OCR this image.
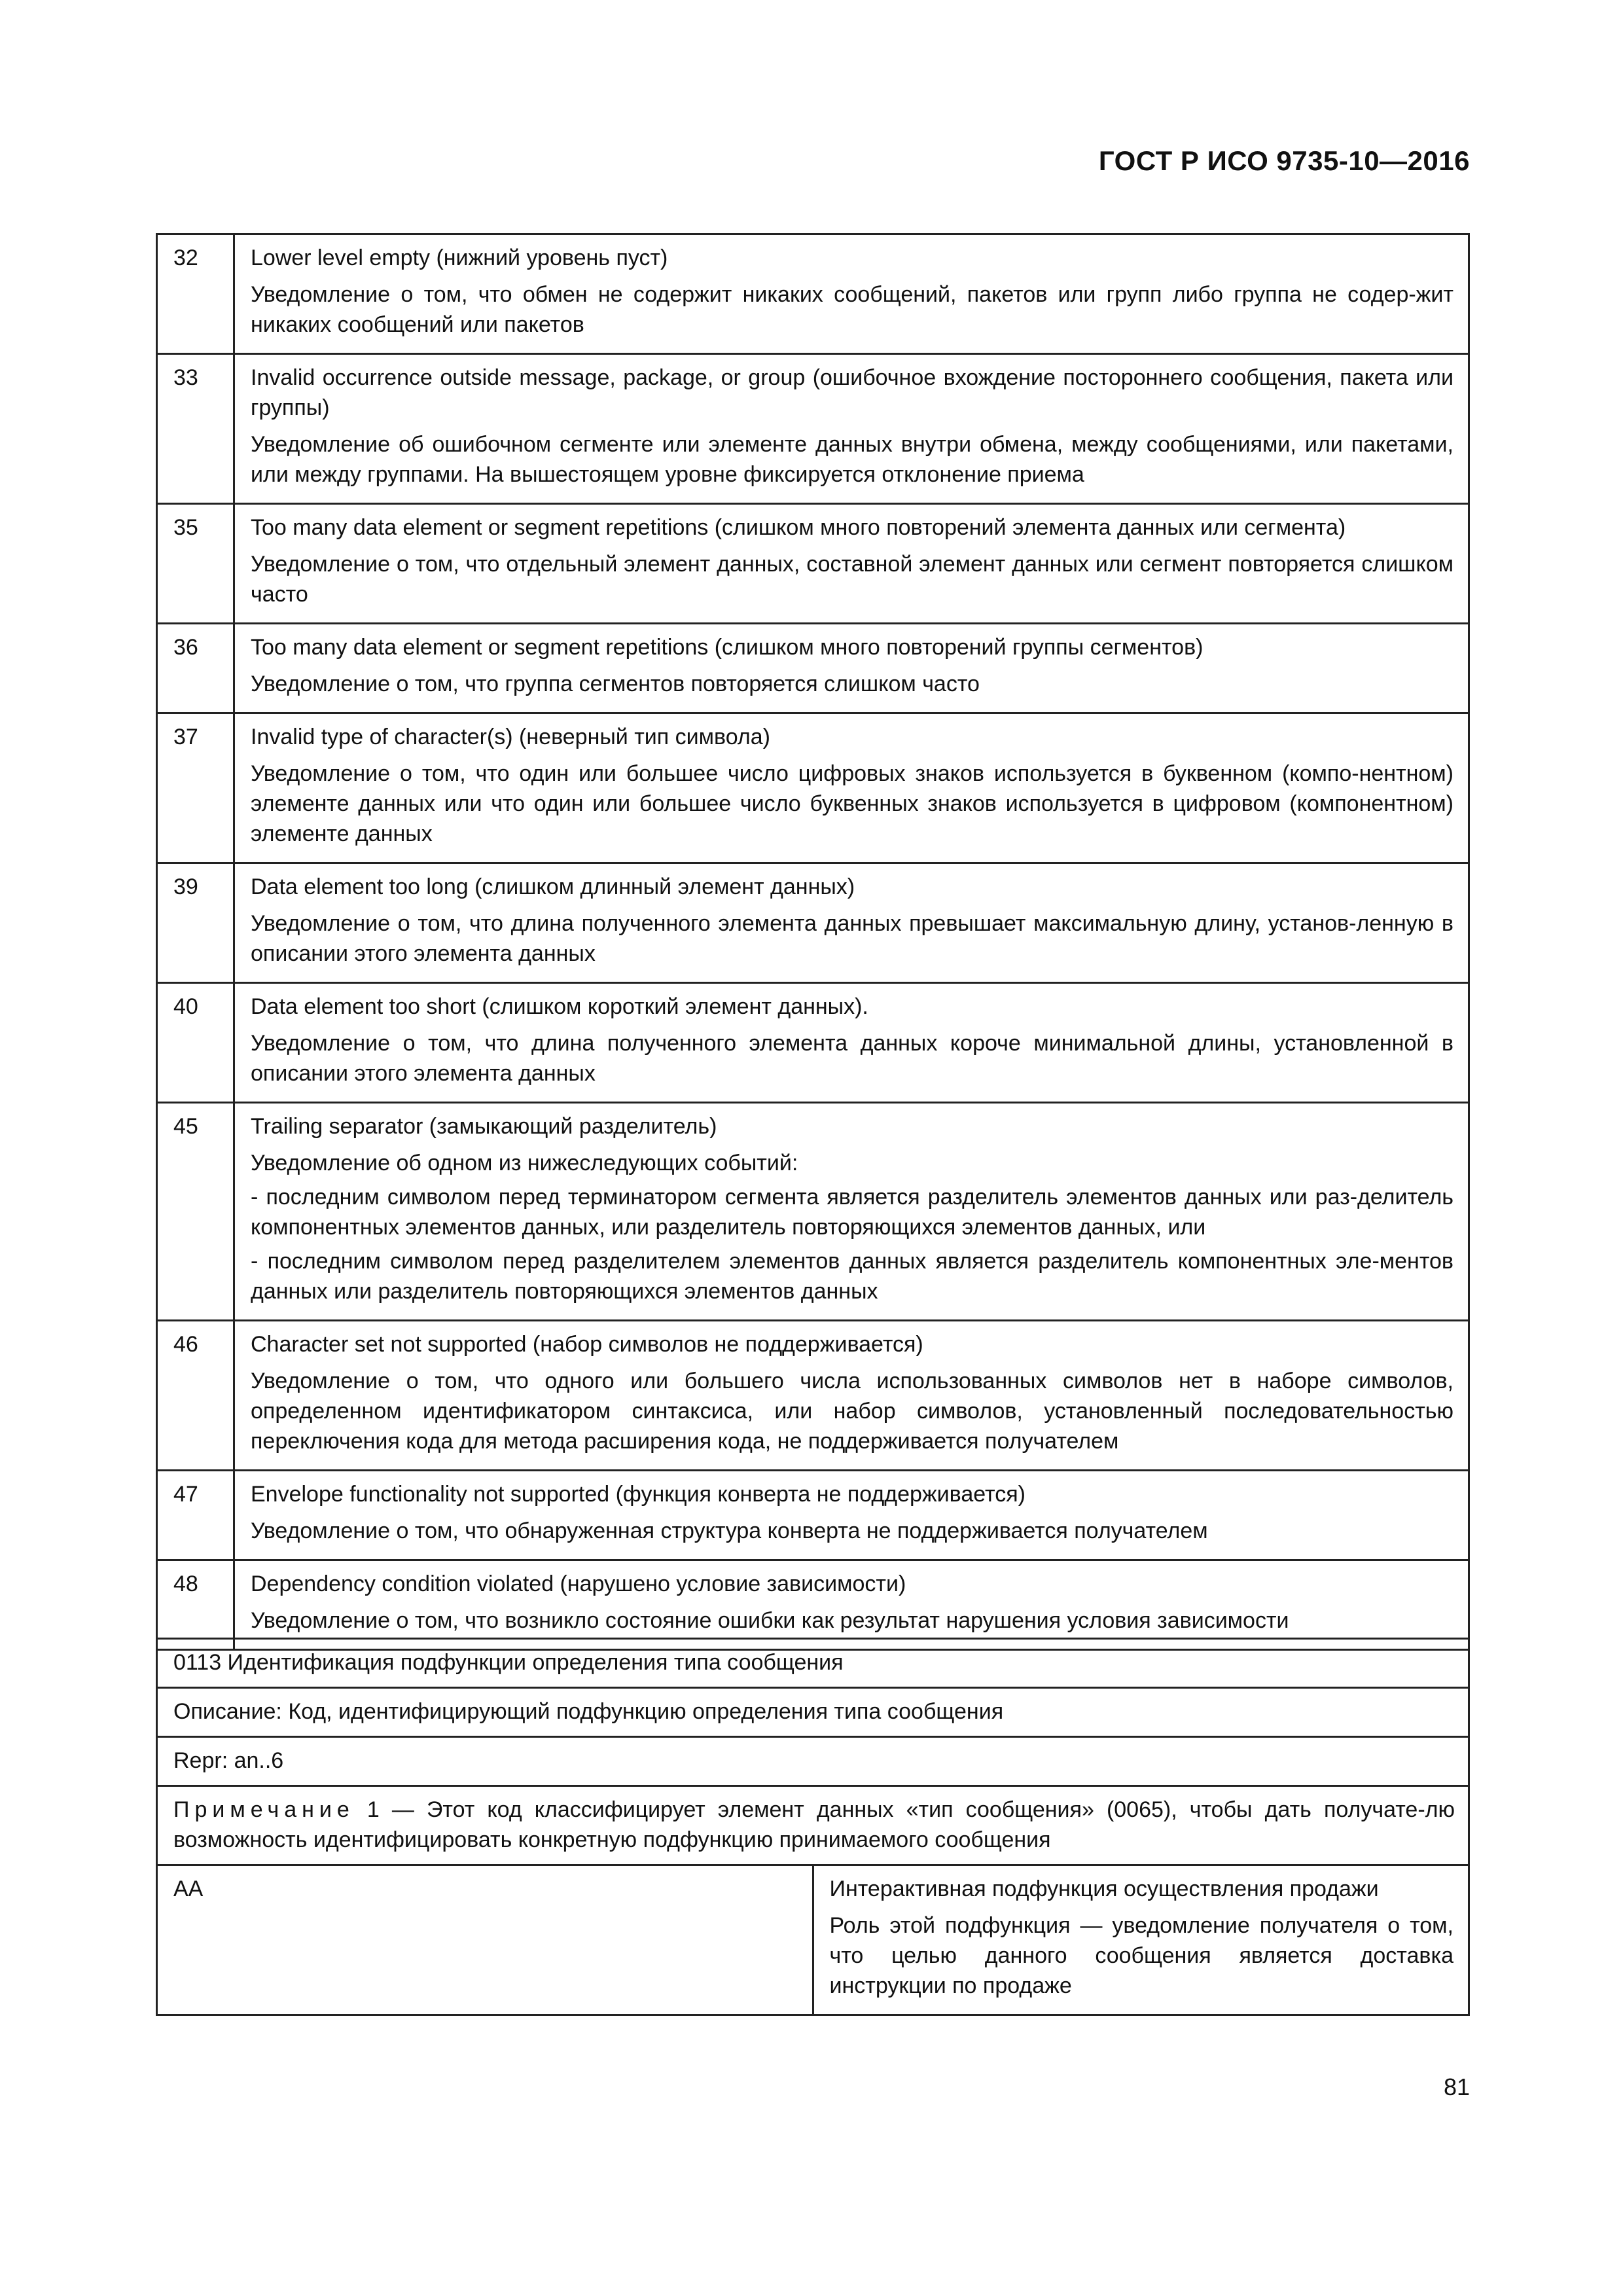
ГОСТ Р ИСО 9735-10—2016
32	Lower level empty (нижний уровень пуст)
Уведомление о том, что обмен не содержит никаких сообщений, пакетов или групп либо группа не содер-жит никаких сообщений или пакетов

33	Invalid occurrence outside message, package, or group (ошибочное вхождение постороннего сообщения, пакета или группы)
Уведомление об ошибочном сегменте или элементе данных внутри обмена, между сообщениями, или пакетами, или между группами. На вышестоящем уровне фиксируется отклонение приема

35	Too many data element or segment repetitions (слишком много повторений элемента данных или сегмента)
Уведомление о том, что отдельный элемент данных, составной элемент данных или сегмент повторяется слишком часто

36	Too many data element or segment repetitions (слишком много повторений группы сегментов)
Уведомление о том, что группа сегментов повторяется слишком часто

37	Invalid type of character(s) (неверный тип символа)
Уведомление о том, что один или большее число цифровых знаков используется в буквенном (компо-нентном) элементе данных или что один или большее число буквенных знаков используется в цифровом (компонентном) элементе данных

39	Data element too long (слишком длинный элемент данных)
Уведомление о том, что длина полученного элемента данных превышает максимальную длину, установ-ленную в описании этого элемента данных

40	Data element too short (слишком короткий элемент данных).
Уведомление о том, что длина полученного элемента данных короче минимальной длины, установленной в описании этого элемента данных

45	Trailing separator (замыкающий разделитель)
Уведомление об одном из нижеследующих событий:
- последним символом перед терминатором сегмента является разделитель элементов данных или раз-делитель компонентных элементов данных, или разделитель повторяющихся элементов данных, или
- последним символом перед разделителем элементов данных является разделитель компонентных эле-ментов данных или разделитель повторяющихся элементов данных

46	Character set not supported (набор символов не поддерживается)
Уведомление о том, что одного или большего числа использованных символов нет в наборе символов, определенном идентификатором синтаксиса, или набор символов, установленный последовательностью переключения кода для метода расширения кода, не поддерживается получателем

47	Envelope functionality not supported (функция конверта не поддерживается)
Уведомление о том, что обнаруженная структура конверта не поддерживается получателем

48	Dependency condition violated (нарушено условие зависимости)
Уведомление о том, что возникло состояние ошибки как результат нарушения условия зависимости
0113 Идентификация подфункции определения типа сообщения
Описание: Код, идентифицирующий подфункцию определения типа сообщения
Repr: an..6
Примечание 1 — Этот код классифицирует элемент данных «тип сообщения» (0065), чтобы дать получате-лю возможность идентифицировать конкретную подфункцию принимаемого сообщения
AA	Интерактивная подфункция осуществления продажи
Роль этой подфункция — уведомление получателя о том, что целью данного сообщения является доставка инструкции по продаже
81
